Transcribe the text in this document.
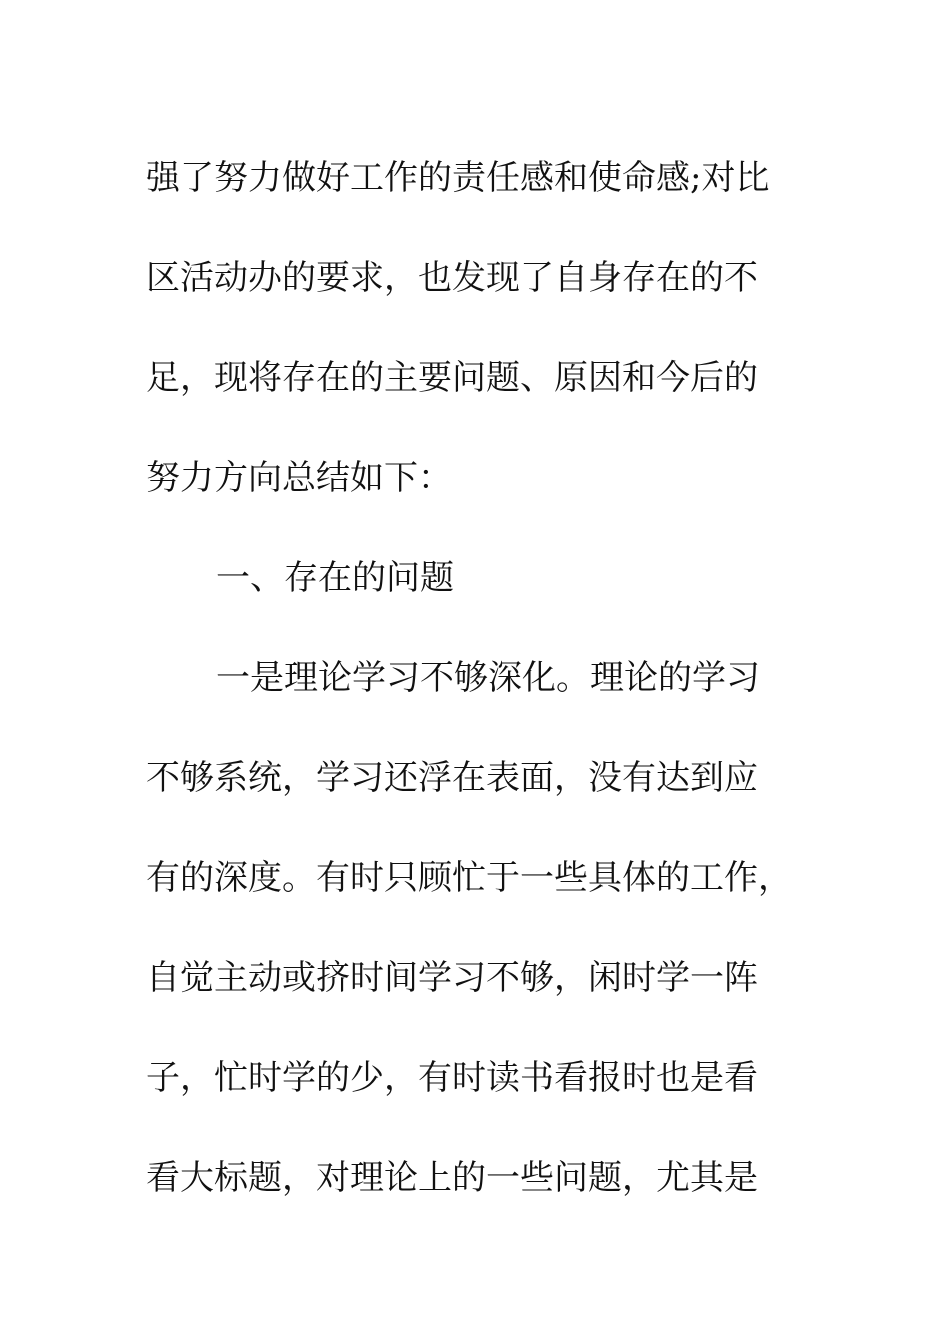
强了努力做好工作的责任感和使命感;对比
区活动办的要求，也发现了自身存在的不
足，现将存在的主要问题、原因和今后的
努力方向总结如下：
一、存在的问题
一是理论学习不够深化。理论的学习
不够系统，学习还浮在表面，没有达到应
有的深度。有时只顾忙于一些具体的工作，
自觉主动或挤时间学习不够，闲时学一阵
子，忙时学的少，有时读书看报时也是看
看大标题，对理论上的一些问题，尤其是
